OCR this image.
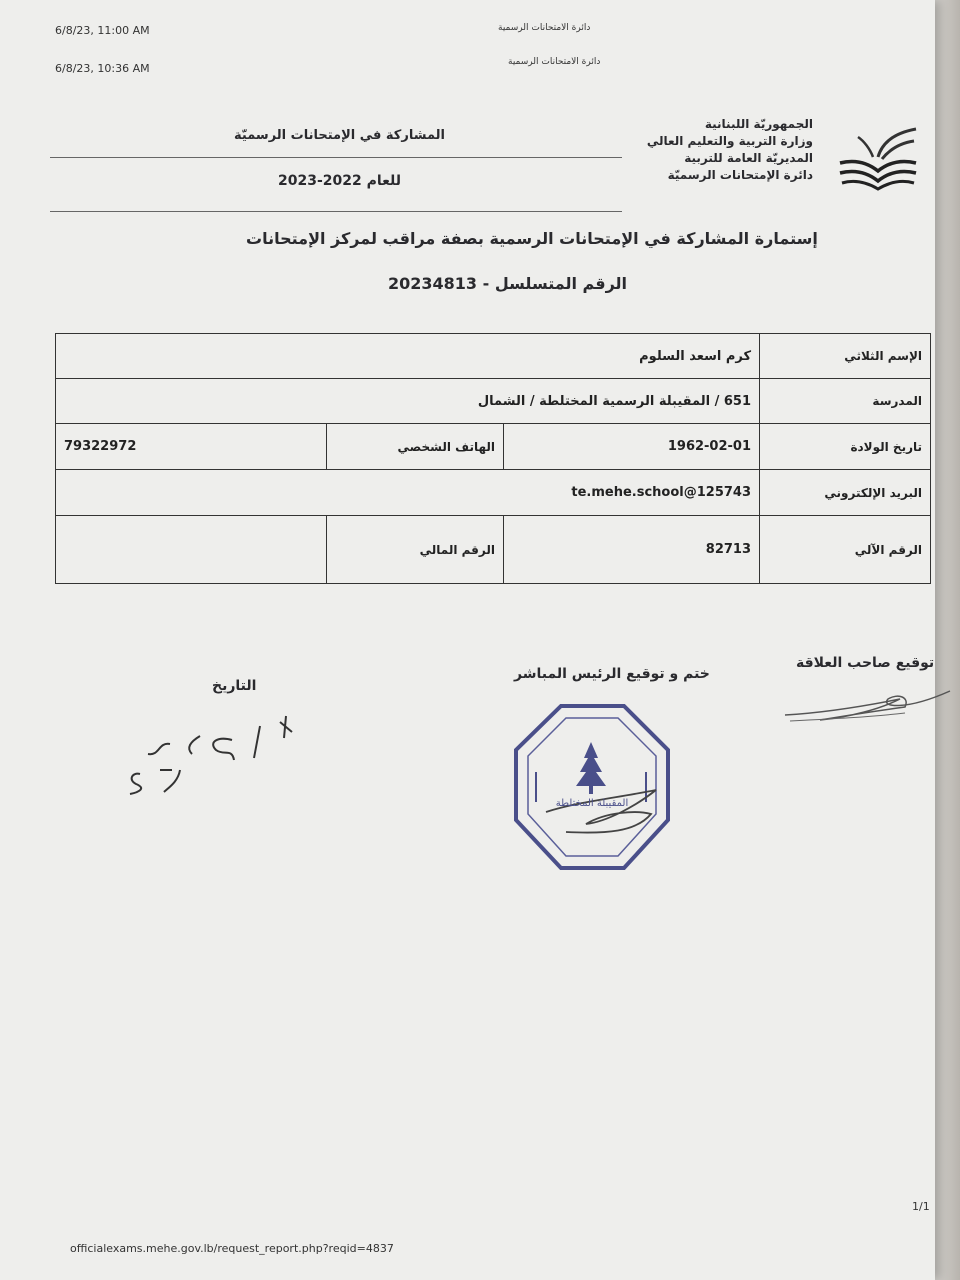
6/8/23, 11:00 AM	دائرة الامتحانات الرسمية
6/8/23, 10:36 AM	دائرة الامتحانات الرسمية
الجمهوريّة اللبنانية
وزارة التربية والتعليم العالي
المديريّة العامة للتربية
دائرة الإمتحانات الرسميّة
المشاركة في الإمتحانات الرسميّة
للعام 2022-2023
إستمارة المشاركة في الإمتحانات الرسمية بصفة مراقب لمركز الإمتحانات
الرقم المتسلسل - 20234813
كرم اسعد السلوم			الإسم الثلاثي
651 / المقيبلة الرسمية المختلطة / الشمال			المدرسة
79322972	الهاتف الشخصي	1962-02-01	تاريخ الولادة
te.mehe.school@125743			البريد الإلكتروني
	الرقم المالي	82713	الرقم الآلي
توقيع صاحب العلاقة
ختم و توقيع الرئيس المباشر
التاريخ
المقيبلة المختلطة
1/1
officialexams.mehe.gov.lb/request_report.php?reqid=4837
